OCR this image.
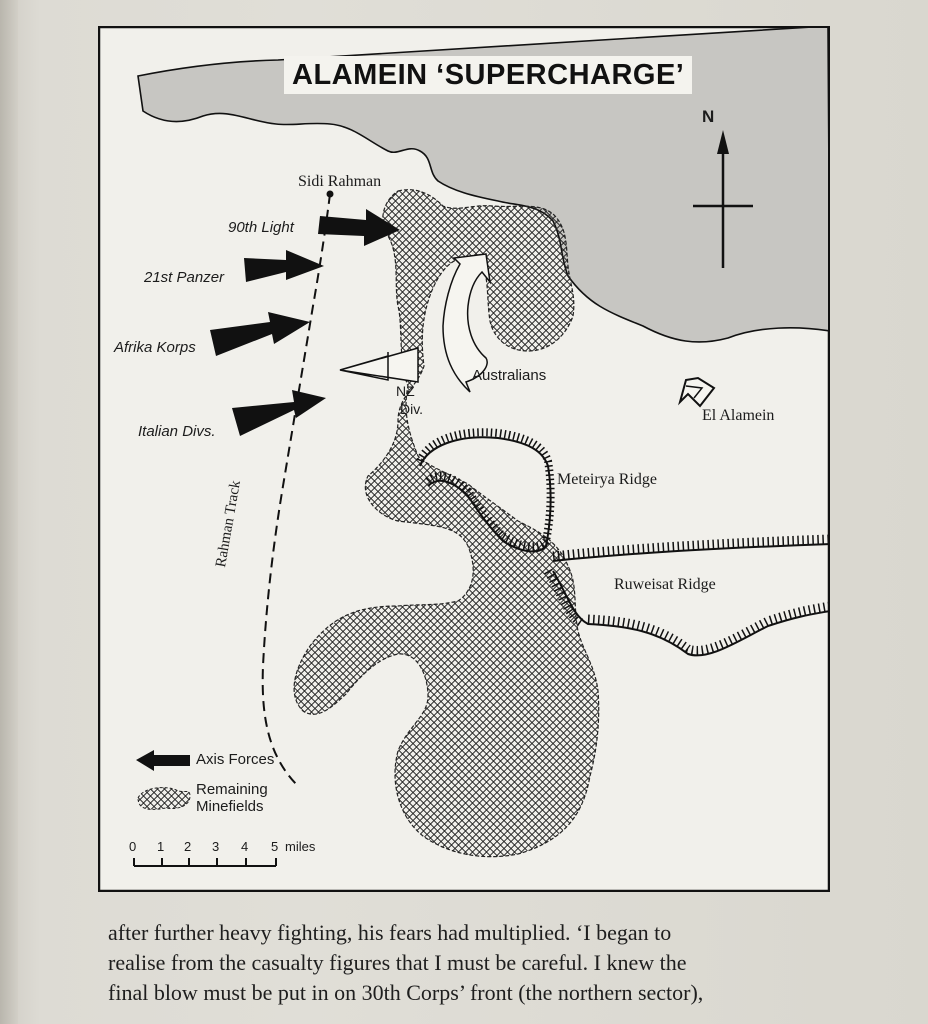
ALAMEIN ‘SUPERCHARGE’
N
Sidi Rahman
El Alamein
Meteirya Ridge
Ruweisat Ridge
Rahman Track
90th Light
21st Panzer
Afrika Korps
Italian Divs.
Australians
NZ
Div.
Axis Forces
Remaining
Minefields
0 1 2 3 4 5 miles

after further heavy fighting, his fears had multiplied. ‘I began to

realise from the casualty figures that I must be careful. I knew the

final blow must be put in on 30th Corps’ front (the northern sector),
